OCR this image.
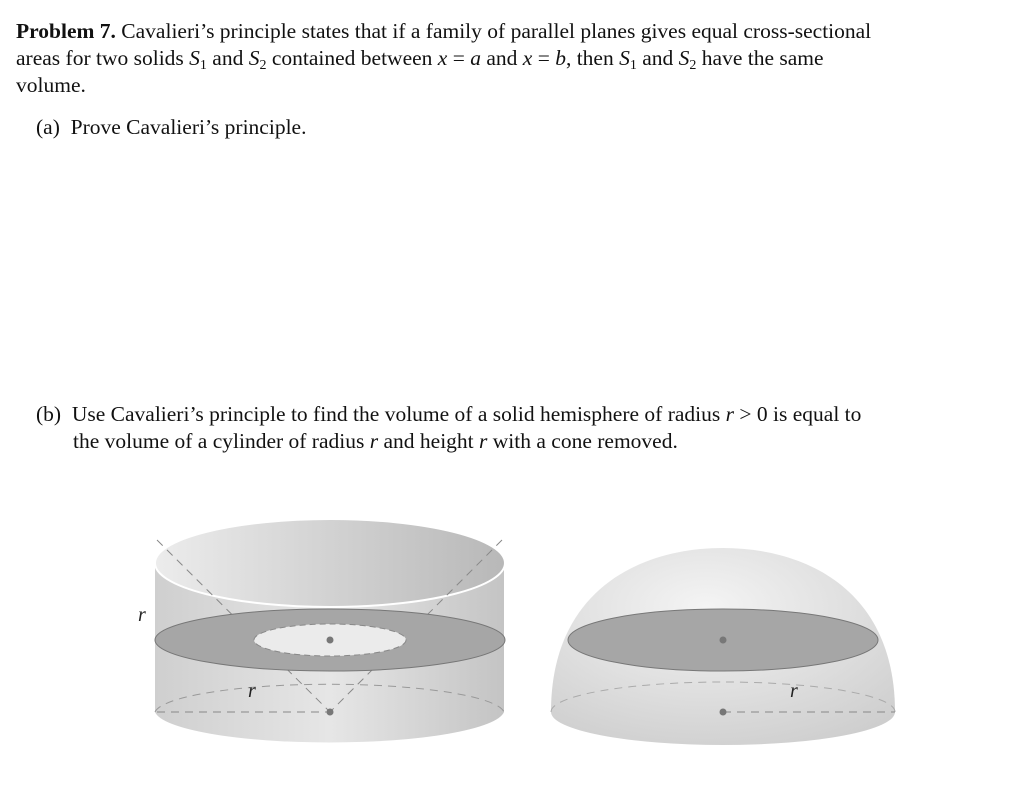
Problem 7. Cavalieri’s principle states that if a family of parallel planes gives equal cross-sectional
areas for two solids $S_1$ and $S_2$ contained between x = a and x = b, then $S_1$ and $S_2$ have the same
volume.
(a) Prove Cavalieri’s principle.
(b) Use Cavalieri’s principle to find the volume of a solid hemisphere of radius r > 0 is equal to
the volume of a cylinder of radius r and height r with a cone removed.
r
r	r
